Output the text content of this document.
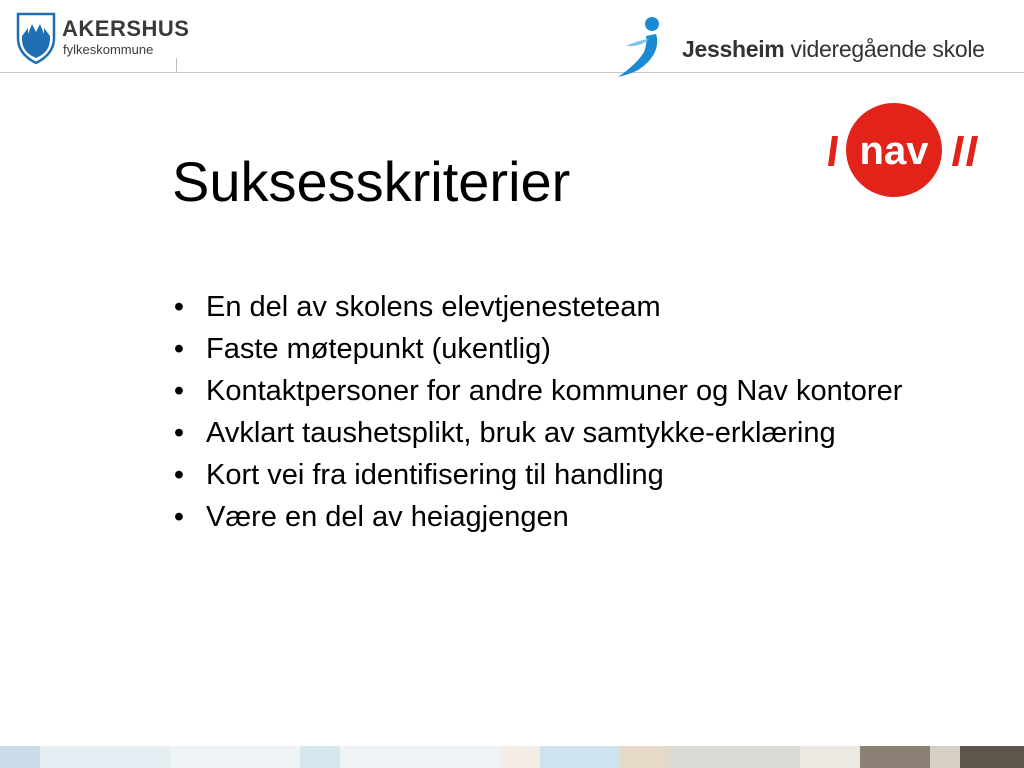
AKERSHUS
fylkeskommune	Jessheim videregående skole
nav
Suksesskriterier
• En del av skolens elevtjenesteteam
• Faste møtepunkt (ukentlig)
• Kontaktpersoner for andre kommuner og Nav kontorer
• Avklart taushetsplikt, bruk av samtykke-erklæring
• Kort vei fra identifisering til handling
• Være en del av heiagjengen
